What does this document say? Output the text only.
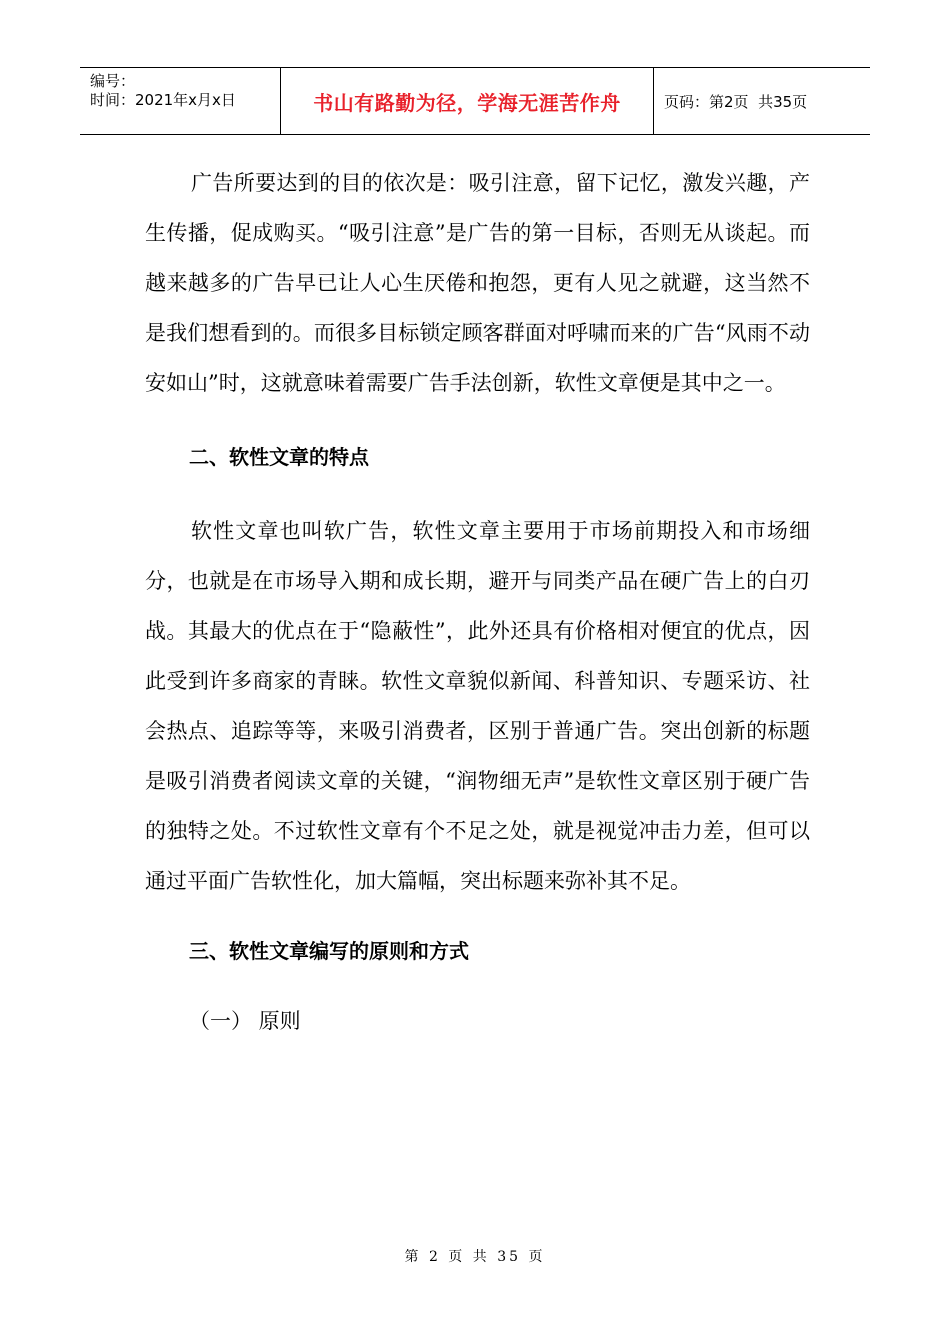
编号：
时间：2021年x月x日	书山有路勤为径，学海无涯苦作舟	页码：第2页  共35页

广告所要达到的目的依次是：吸引注意，留下记忆，激发兴趣，产生传播，促成购买。“吸引注意”是广告的第一目标，否则无从谈起。而越来越多的广告早已让人心生厌倦和抱怨，更有人见之就避，这当然不是我们想看到的。而很多目标锁定顾客群面对呼啸而来的广告“风雨不动安如山”时，这就意味着需要广告手法创新，软性文章便是其中之一。

二、软性文章的特点

软性文章也叫软广告，软性文章主要用于市场前期投入和市场细分，也就是在市场导入期和成长期，避开与同类产品在硬广告上的白刃战。其最大的优点在于“隐蔽性”，此外还具有价格相对便宜的优点，因此受到许多商家的青睐。软性文章貌似新闻、科普知识、专题采访、社会热点、追踪等等，来吸引消费者，区别于普通广告。突出创新的标题是吸引消费者阅读文章的关键，“润物细无声”是软性文章区别于硬广告的独特之处。不过软性文章有个不足之处，就是视觉冲击力差，但可以通过平面广告软性化，加大篇幅，突出标题来弥补其不足。

三、软性文章编写的原则和方式

（一） 原则

第 2 页 共 35 页
